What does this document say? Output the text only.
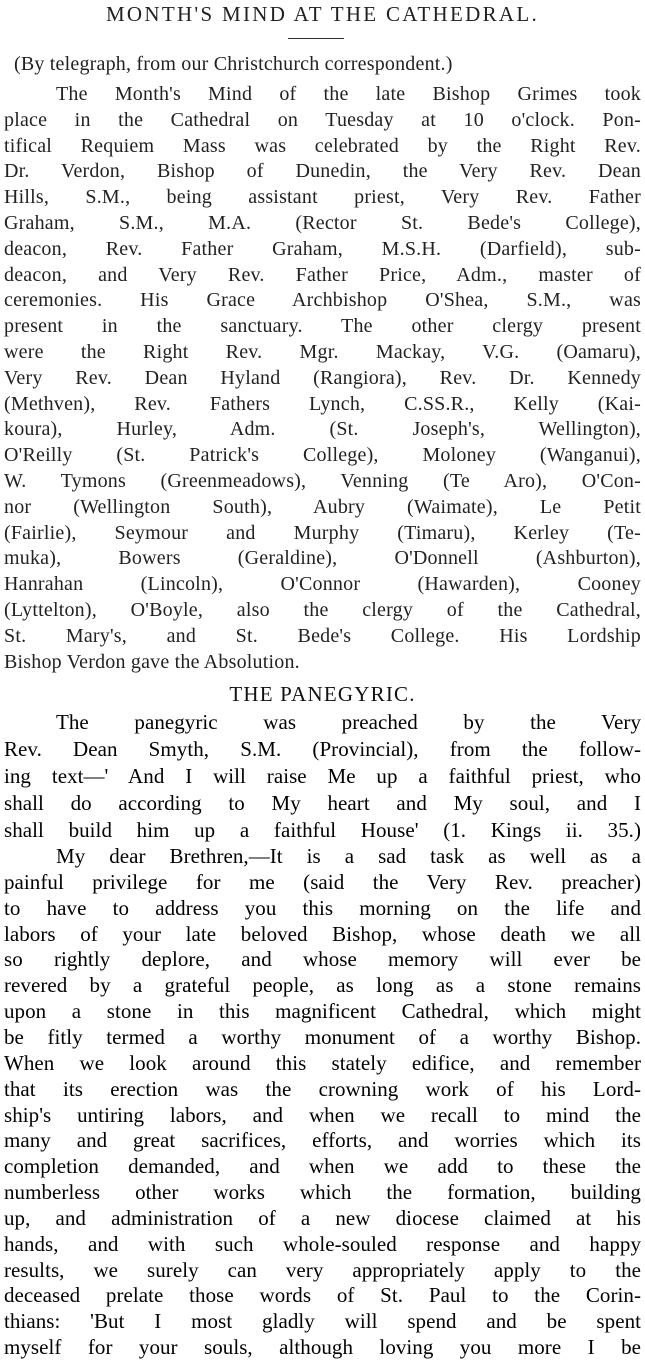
MONTH'S MIND AT THE CATHEDRAL.
(By telegraph, from our Christchurch correspondent.)
The Month's Mind of the late Bishop Grimes took
place in the Cathedral on Tuesday at 10 o'clock. Pon-
tifical Requiem Mass was celebrated by the Right Rev.
Dr. Verdon, Bishop of Dunedin, the Very Rev. Dean
Hills, S.M., being assistant priest, Very Rev. Father
Graham, S.M., M.A. (Rector St. Bede's College),
deacon, Rev. Father Graham, M.S.H. (Darfield), sub-
deacon, and Very Rev. Father Price, Adm., master of
ceremonies. His Grace Archbishop O'Shea, S.M., was
present in the sanctuary. The other clergy present
were the Right Rev. Mgr. Mackay, V.G. (Oamaru),
Very Rev. Dean Hyland (Rangiora), Rev. Dr. Kennedy
(Methven), Rev. Fathers Lynch, C.SS.R., Kelly (Kai-
koura), Hurley, Adm. (St. Joseph's, Wellington),
O'Reilly (St. Patrick's College), Moloney (Wanganui),
W. Tymons (Greenmeadows), Venning (Te Aro), O'Con-
nor (Wellington South), Aubry (Waimate), Le Petit
(Fairlie), Seymour and Murphy (Timaru), Kerley (Te-
muka), Bowers (Geraldine), O'Donnell (Ashburton),
Hanrahan (Lincoln), O'Connor (Hawarden), Cooney
(Lyttelton), O'Boyle, also the clergy of the Cathedral,
St. Mary's, and St. Bede's College. His Lordship
Bishop Verdon gave the Absolution.
THE PANEGYRIC.
The panegyric was preached by the Very
Rev. Dean Smyth, S.M. (Provincial), from the follow-
ing text—' And I will raise Me up a faithful priest, who
shall do according to My heart and My soul, and I
shall build him up a faithful House' (1. Kings ii. 35.)
My dear Brethren,—It is a sad task as well as a
painful privilege for me (said the Very Rev. preacher)
to have to address you this morning on the life and
labors of your late beloved Bishop, whose death we all
so rightly deplore, and whose memory will ever be
revered by a grateful people, as long as a stone remains
upon a stone in this magnificent Cathedral, which might
be fitly termed a worthy monument of a worthy Bishop.
When we look around this stately edifice, and remember
that its erection was the crowning work of his Lord-
ship's untiring labors, and when we recall to mind the
many and great sacrifices, efforts, and worries which its
completion demanded, and when we add to these the
numberless other works which the formation, building
up, and administration of a new diocese claimed at his
hands, and with such whole-souled response and happy
results, we surely can very appropriately apply to the
deceased prelate those words of St. Paul to the Corin-
thians: 'But I most gladly will spend and be spent
myself for your souls, although loving you more I be
